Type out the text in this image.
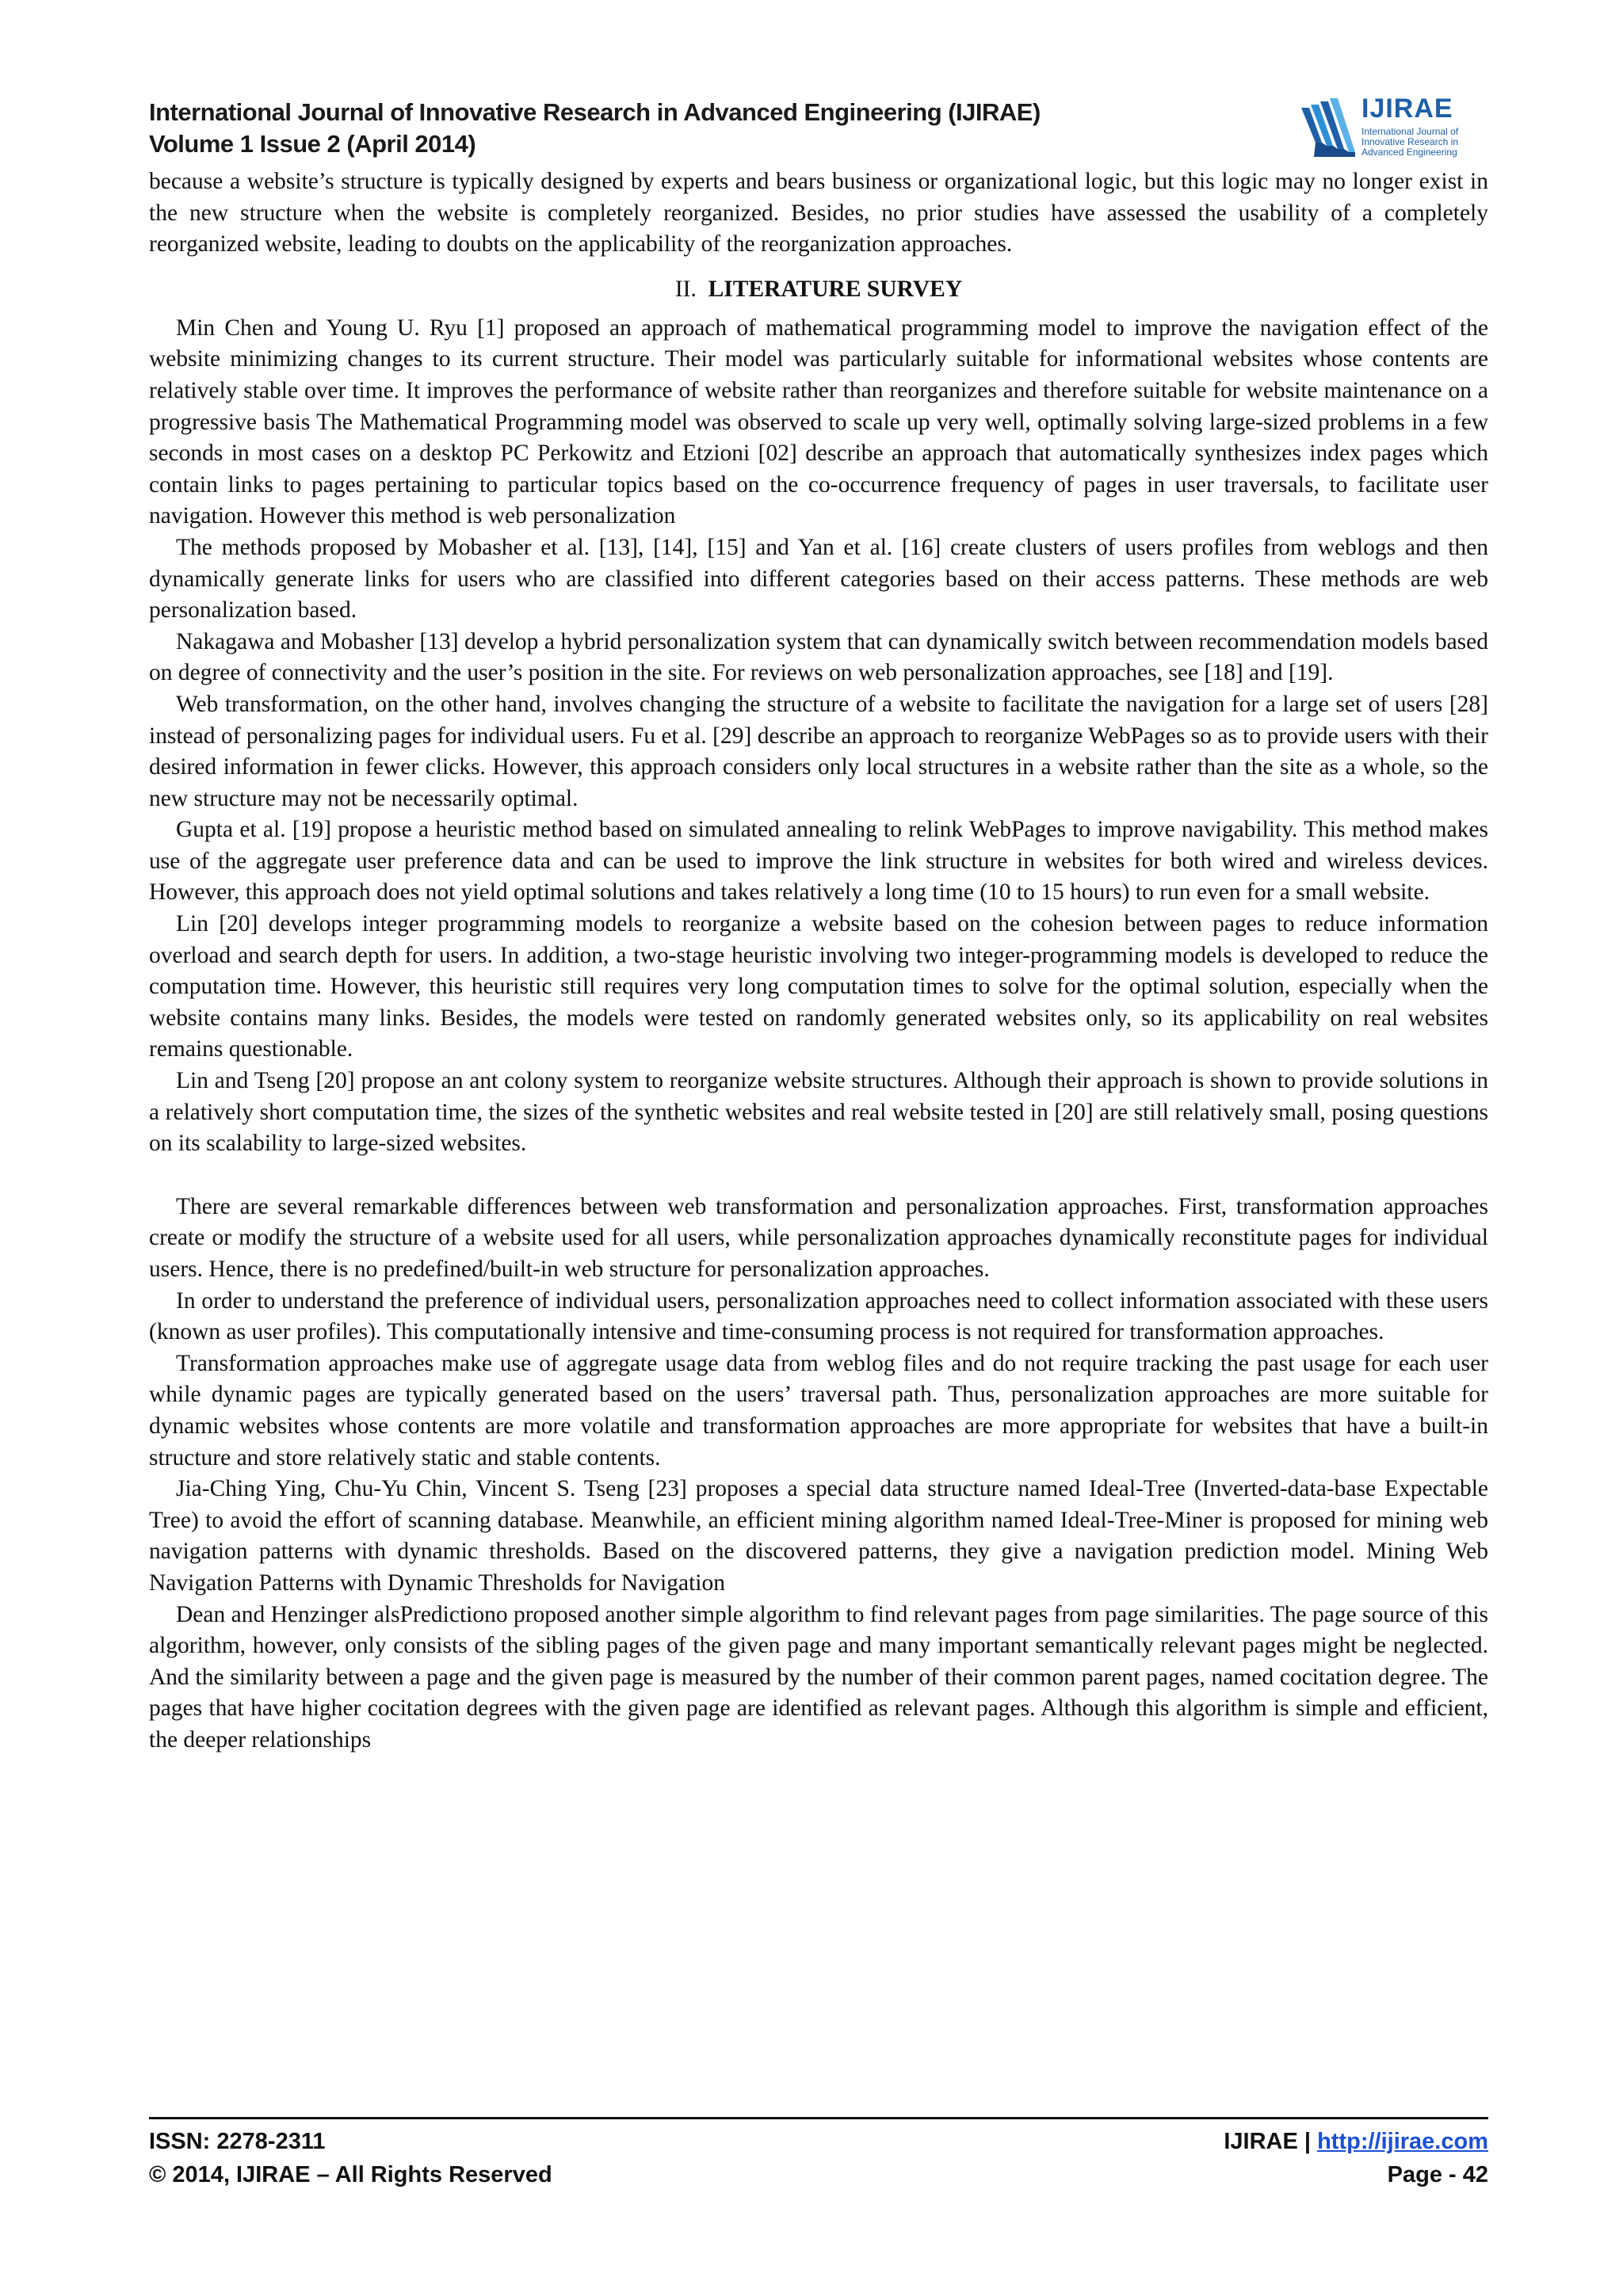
International Journal of Innovative Research in Advanced Engineering (IJIRAE)
Volume 1 Issue 2 (April 2014)
IJIRAE
International Journal of Innovative Research in Advanced Engineering

because a website’s structure is typically designed by experts and bears business or organizational logic, but this logic may no longer exist in the new structure when the website is completely reorganized. Besides, no prior studies have assessed the usability of a completely reorganized website, leading to doubts on the applicability of the reorganization approaches.

II. LITERATURE SURVEY

Min Chen and Young U. Ryu [1] proposed an approach of mathematical programming model to improve the navigation effect of the website minimizing changes to its current structure. Their model was particularly suitable for informational websites whose contents are relatively stable over time. It improves the performance of website rather than reorganizes and therefore suitable for website maintenance on a progressive basis The Mathematical Programming model was observed to scale up very well, optimally solving large-sized problems in a few seconds in most cases on a desktop PC Perkowitz and Etzioni [02] describe an approach that automatically synthesizes index pages which contain links to pages pertaining to particular topics based on the co-occurrence frequency of pages in user traversals, to facilitate user navigation. However this method is web personalization

The methods proposed by Mobasher et al. [13], [14], [15] and Yan et al. [16] create clusters of users profiles from weblogs and then dynamically generate links for users who are classified into different categories based on their access patterns. These methods are web personalization based.

Nakagawa and Mobasher [13] develop a hybrid personalization system that can dynamically switch between recommendation models based on degree of connectivity and the user’s position in the site. For reviews on web personalization approaches, see [18] and [19].

Web transformation, on the other hand, involves changing the structure of a website to facilitate the navigation for a large set of users [28] instead of personalizing pages for individual users. Fu et al. [29] describe an approach to reorganize WebPages so as to provide users with their desired information in fewer clicks. However, this approach considers only local structures in a website rather than the site as a whole, so the new structure may not be necessarily optimal.

Gupta et al. [19] propose a heuristic method based on simulated annealing to relink WebPages to improve navigability. This method makes use of the aggregate user preference data and can be used to improve the link structure in websites for both wired and wireless devices. However, this approach does not yield optimal solutions and takes relatively a long time (10 to 15 hours) to run even for a small website.

Lin [20] develops integer programming models to reorganize a website based on the cohesion between pages to reduce information overload and search depth for users. In addition, a two-stage heuristic involving two integer-programming models is developed to reduce the computation time. However, this heuristic still requires very long computation times to solve for the optimal solution, especially when the website contains many links. Besides, the models were tested on randomly generated websites only, so its applicability on real websites remains questionable.

Lin and Tseng [20] propose an ant colony system to reorganize website structures. Although their approach is shown to provide solutions in a relatively short computation time, the sizes of the synthetic websites and real website tested in [20] are still relatively small, posing questions on its scalability to large-sized websites.

There are several remarkable differences between web transformation and personalization approaches. First, transformation approaches create or modify the structure of a website used for all users, while personalization approaches dynamically reconstitute pages for individual users. Hence, there is no predefined/built-in web structure for personalization approaches.

In order to understand the preference of individual users, personalization approaches need to collect information associated with these users (known as user profiles). This computationally intensive and time-consuming process is not required for transformation approaches.

Transformation approaches make use of aggregate usage data from weblog files and do not require tracking the past usage for each user while dynamic pages are typically generated based on the users’ traversal path. Thus, personalization approaches are more suitable for dynamic websites whose contents are more volatile and transformation approaches are more appropriate for websites that have a built-in structure and store relatively static and stable contents.

Jia-Ching Ying, Chu-Yu Chin, Vincent S. Tseng [23] proposes a special data structure named Ideal-Tree (Inverted-data-base Expectable Tree) to avoid the effort of scanning database. Meanwhile, an efficient mining algorithm named Ideal-Tree-Miner is proposed for mining web navigation patterns with dynamic thresholds. Based on the discovered patterns, they give a navigation prediction model. Mining Web Navigation Patterns with Dynamic Thresholds for Navigation

Dean and Henzinger alsPredictiono proposed another simple algorithm to find relevant pages from page similarities. The page source of this algorithm, however, only consists of the sibling pages of the given page and many important semantically relevant pages might be neglected. And the similarity between a page and the given page is measured by the number of their common parent pages, named cocitation degree. The pages that have higher cocitation degrees with the given page are identified as relevant pages. Although this algorithm is simple and efficient, the deeper relationships

ISSN: 2278-2311	IJIRAE | http://ijirae.com
© 2014, IJIRAE – All Rights Reserved	Page - 42
